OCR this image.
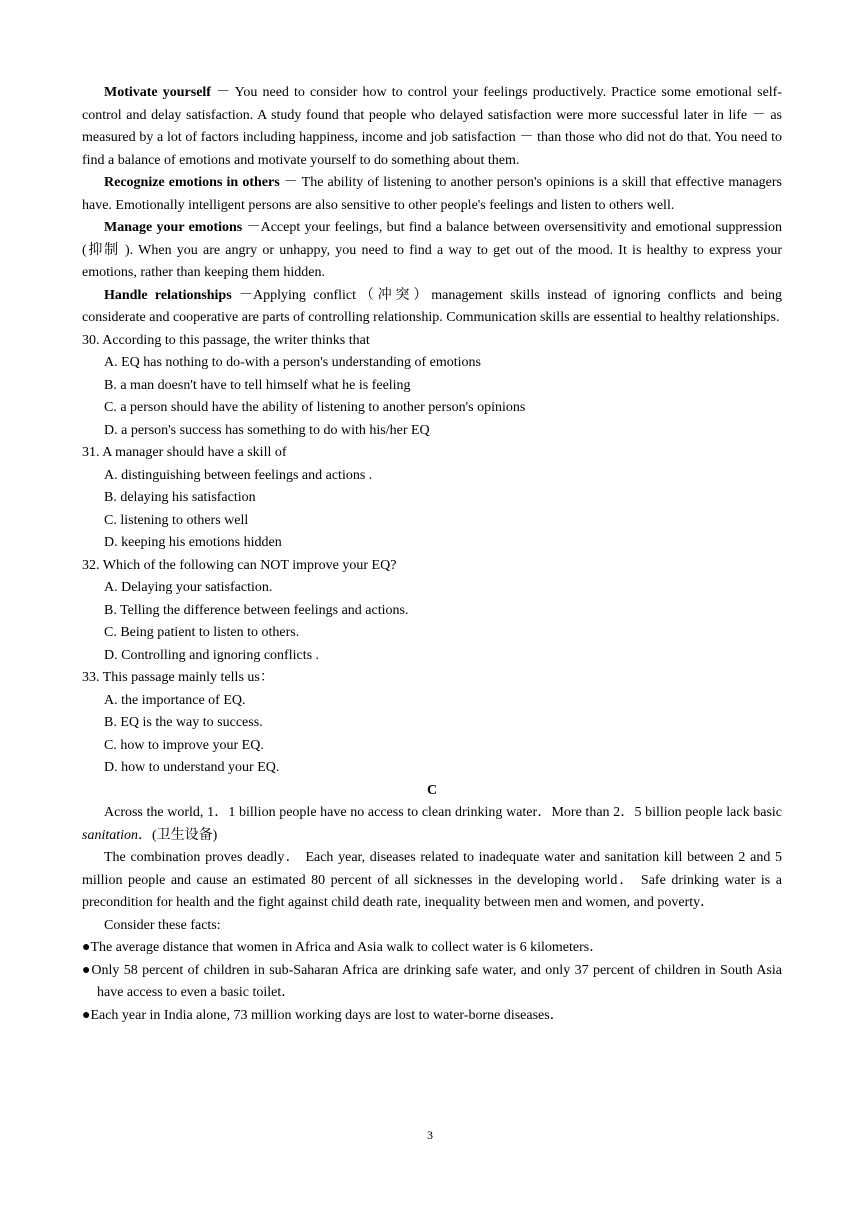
Motivate yourself － You need to consider how to control your feelings productively. Practice some emotional self-control and delay satisfaction. A study found that people who delayed satisfaction were more successful later in life － as measured by a lot of factors including happiness, income and job satisfaction － than those who did not do that. You need to find a balance of emotions and motivate yourself to do something about them.

Recognize emotions in others － The ability of listening to another person's opinions is a skill that effective managers have. Emotionally intelligent persons are also sensitive to other people's feelings and listen to others well.

Manage your emotions －Accept your feelings, but find a balance between oversensitivity and emotional suppression (抑制 ). When you are angry or unhappy, you need to find a way to get out of the mood. It is healthy to express your emotions, rather than keeping them hidden.

Handle relationships －Applying conflict（冲突）management skills instead of ignoring conflicts and being considerate and cooperative are parts of controlling relationship. Communication skills are essential to healthy relationships.

30. According to this passage, the writer thinks that

A. EQ has nothing to do-with a person's understanding of emotions

B. a man doesn't have to tell himself what he is feeling

C. a person should have the ability of listening to another person's opinions

D. a person's success has something to do with his/her EQ

31. A manager should have a skill of

A. distinguishing between feelings and actions .

B. delaying his satisfaction

C. listening to others well

D. keeping his emotions hidden

32. Which of the following can NOT improve your EQ?

A. Delaying your satisfaction.

B. Telling the difference between feelings and actions.

C. Being patient to listen to others.

D. Controlling and ignoring conflicts .

33. This passage mainly tells us：

A. the importance of EQ.

B. EQ is the way to success.

C. how to improve your EQ.

D. how to understand your EQ.

C

Across the world, 1．1 billion people have no access to clean drinking water．More than 2．5 billion people lack basic sanitation．(卫生设备)

The combination proves deadly． Each year, diseases related to inadequate water and sanitation kill between 2 and 5 million people and cause an estimated 80 percent of all sicknesses in the developing world． Safe drinking water is a precondition for health and the fight against child death rate, inequality between men and women, and poverty．

Consider these facts:

●The average distance that women in Africa and Asia walk to collect water is 6 kilometers．

●Only 58 percent of children in sub-Saharan Africa are drinking safe water, and only 37 percent of children in South Asia have access to even a basic toilet．

●Each year in India alone, 73 million working days are lost to water-borne diseases．

3
